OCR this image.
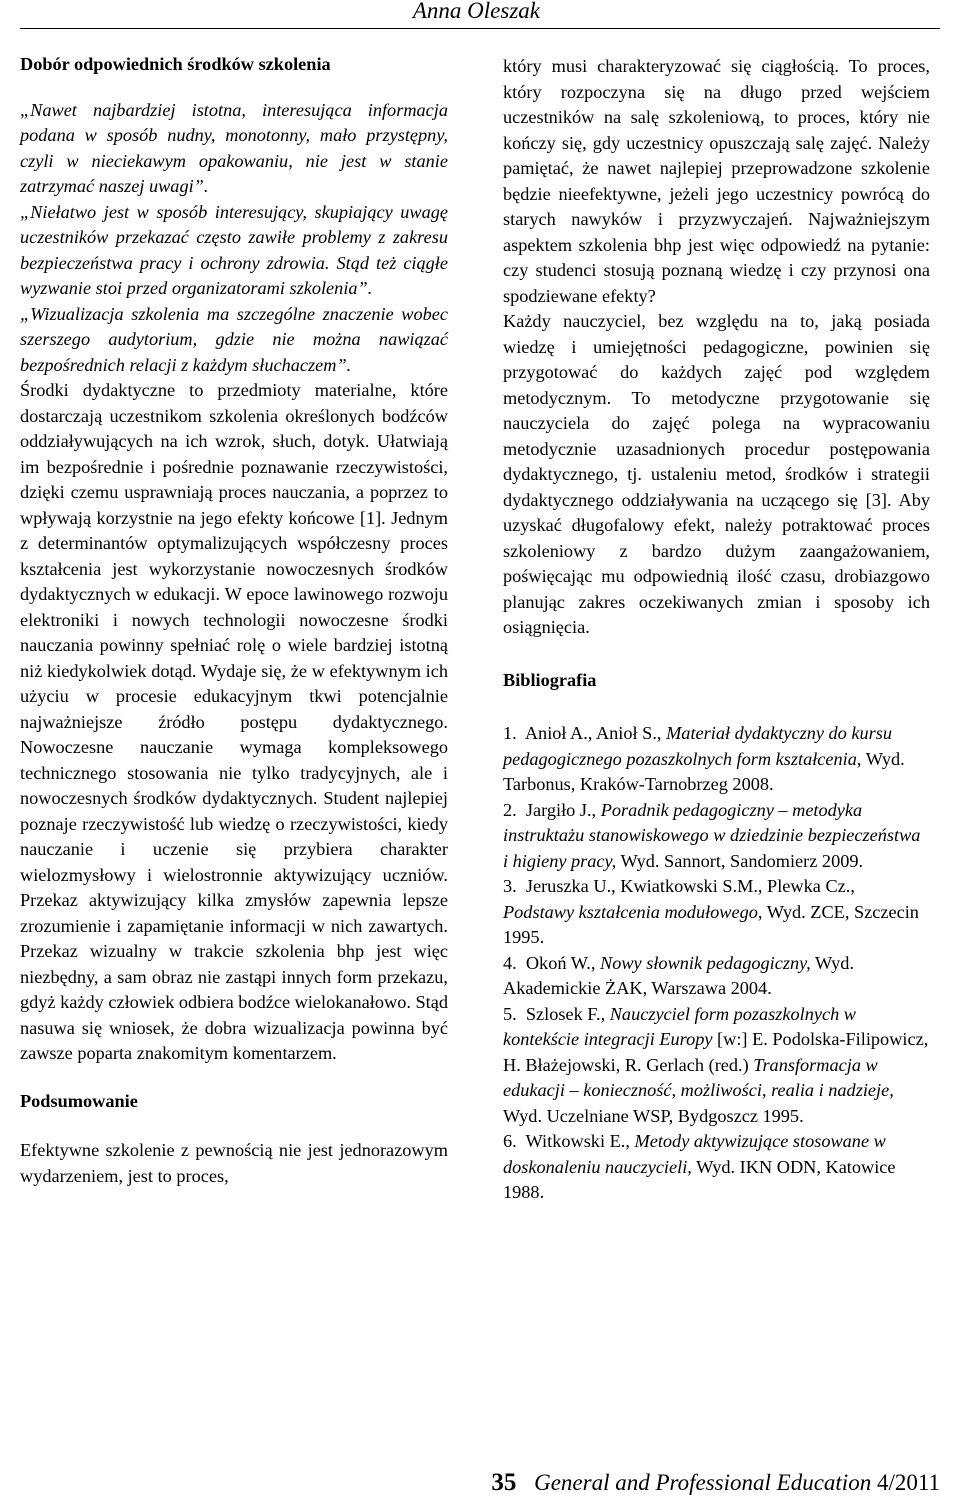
Anna Oleszak

Dobór odpowiednich środków szkolenia

„Nawet najbardziej istotna, interesująca informacja podana w sposób nudny, monotonny, mało przystępny, czyli w nieciekawym opakowaniu, nie jest w stanie zatrzymać naszej uwagi”.

„Niełatwo jest w sposób interesujący, skupiający uwagę uczestników przekazać często zawiłe problemy z zakresu bezpieczeństwa pracy i ochrony zdrowia. Stąd też ciągłe wyzwanie stoi przed organizatorami szkolenia”.

„Wizualizacja szkolenia ma szczególne znaczenie wobec szerszego audytorium, gdzie nie można nawiązać bezpośrednich relacji z każdym słuchaczem”.

Środki dydaktyczne to przedmioty materialne, które dostarczają uczestnikom szkolenia określonych bodźców oddziaływujących na ich wzrok, słuch, dotyk. Ułatwiają im bezpośrednie i pośrednie poznawanie rzeczywistości, dzięki czemu usprawniają proces nauczania, a poprzez to wpływają korzystnie na jego efekty końcowe [1]. Jednym z determinantów optymalizujących współczesny proces kształcenia jest wykorzystanie nowoczesnych środków dydaktycznych w edukacji. W epoce lawinowego rozwoju elektroniki i nowych technologii nowoczesne środki nauczania powinny spełniać rolę o wiele bardziej istotną niż kiedykolwiek dotąd. Wydaje się, że w efektywnym ich użyciu w procesie edukacyjnym tkwi potencjalnie najważniejsze źródło postępu dydaktycznego. Nowoczesne nauczanie wymaga kompleksowego technicznego stosowania nie tylko tradycyjnych, ale i nowoczesnych środków dydaktycznych. Student najlepiej poznaje rzeczywistość lub wiedzę o rzeczywistości, kiedy nauczanie i uczenie się przybiera charakter wielozmysłowy i wielostronnie aktywizujący uczniów. Przekaz aktywizujący kilka zmysłów zapewnia lepsze zrozumienie i zapamiętanie informacji w nich zawartych. Przekaz wizualny w trakcie szkolenia bhp jest więc niezbędny, a sam obraz nie zastąpi innych form przekazu, gdyż każdy człowiek odbiera bodźce wielokanałowo. Stąd nasuwa się wniosek, że dobra wizualizacja powinna być zawsze poparta znakomitym komentarzem.

Podsumowanie

Efektywne szkolenie z pewnością nie jest jednorazowym wydarzeniem, jest to proces,

który musi charakteryzować się ciągłością. To proces, który rozpoczyna się na długo przed wejściem uczestników na salę szkoleniową, to proces, który nie kończy się, gdy uczestnicy opuszczają salę zajęć. Należy pamiętać, że nawet najlepiej przeprowadzone szkolenie będzie nieefektywne, jeżeli jego uczestnicy powrócą do starych nawyków i przyzwyczajeń. Najważniejszym aspektem szkolenia bhp jest więc odpowiedź na pytanie: czy studenci stosują poznaną wiedzę i czy przynosi ona spodziewane efekty?

Każdy nauczyciel, bez względu na to, jaką posiada wiedzę i umiejętności pedagogiczne, powinien się przygotować do każdych zajęć pod względem metodycznym. To metodyczne przygotowanie się nauczyciela do zajęć polega na wypracowaniu metodycznie uzasadnionych procedur postępowania dydaktycznego, tj. ustaleniu metod, środków i strategii dydaktycznego oddziaływania na uczącego się [3]. Aby uzyskać długofalowy efekt, należy potraktować proces szkoleniowy z bardzo dużym zaangażowaniem, poświęcając mu odpowiednią ilość czasu, drobiazgowo planując zakres oczekiwanych zmian i sposoby ich osiągnięcia.

Bibliografia

1. Anioł A., Anioł S., Materiał dydaktyczny do kursu pedagogicznego pozaszkolnych form kształcenia, Wyd. Tarbonus, Kraków-Tarnobrzeg 2008.
2. Jargiło J., Poradnik pedagogiczny – metodyka instruktażu stanowiskowego w dziedzinie bezpieczeństwa i higieny pracy, Wyd. Sannort, Sandomierz 2009.
3. Jeruszka U., Kwiatkowski S.M., Plewka Cz., Podstawy kształcenia modułowego, Wyd. ZCE, Szczecin 1995.
4. Okoń W., Nowy słownik pedagogiczny, Wyd. Akademickie ŻAK, Warszawa 2004.
5. Szlosek F., Nauczyciel form pozaszkolnych w kontekście integracji Europy [w:] E. Podolska-Filipowicz, H. Błażejowski, R. Gerlach (red.) Transformacja w edukacji – konieczność, możliwości, realia i nadzieje, Wyd. Uczelniane WSP, Bydgoszcz 1995.
6. Witkowski E., Metody aktywizujące stosowane w doskonaleniu nauczycieli, Wyd. IKN ODN, Katowice 1988.
35 General and Professional Education 4/2011
